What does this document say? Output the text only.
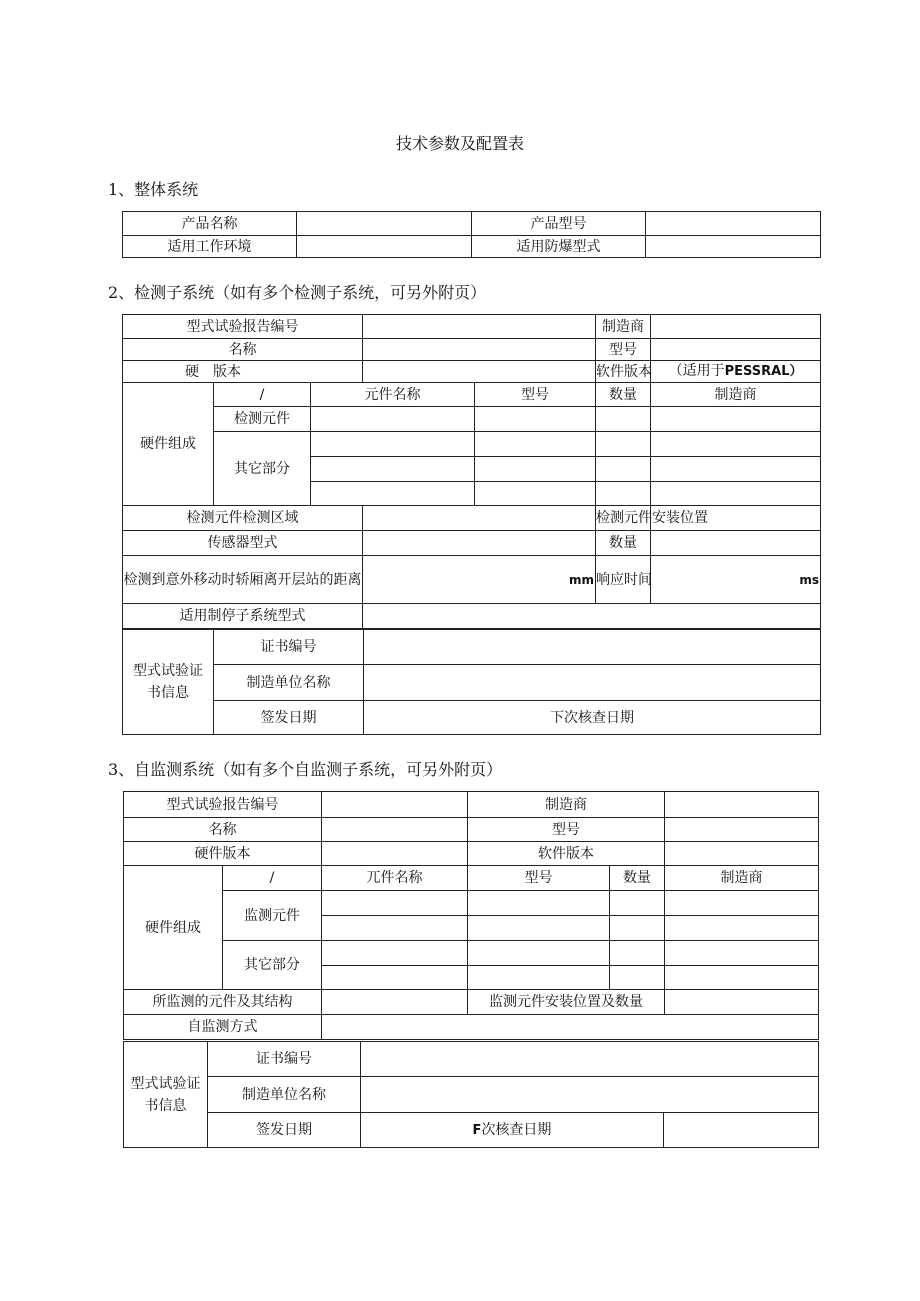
技术参数及配置表
1、整体系统
产品名称		产品型号	
适用工作环境		适用防爆型式	
2、检测子系统（如有多个检测子系统，可另外附页）
型式试验报告编号					制造商	
名称					型号	
硬 版本					软件版本	（适用于PESSRAL）
硬件组成	/	元件名称		型号	数量	制造商
	检测元件					
	其它部分					

检测元件检测区域					检测元件安装位置	
传感器型式					数量	
检测到意外移动时轿厢离开层站的距离			mm		响应时间	ms
适用制停子系统型式						
型式试验证书信息	证书编号	
	制造单位名称	
	签发日期	下次核查日期
3、自监测系统（如有多个自监测子系统，可另外附页）
型式试验报告编号			制造商		
名称			型号		
硬件版本			软件版本		
硬件组成	/	兀件名称	型号	数量	制造商
	监测元件				

	其它部分				

所监测的元件及其结构			监测元件安装位置及数量		
自监测方式					
型式试验证书信息	证书编号		
	制造单位名称		
	签发日期	F次核查日期	
